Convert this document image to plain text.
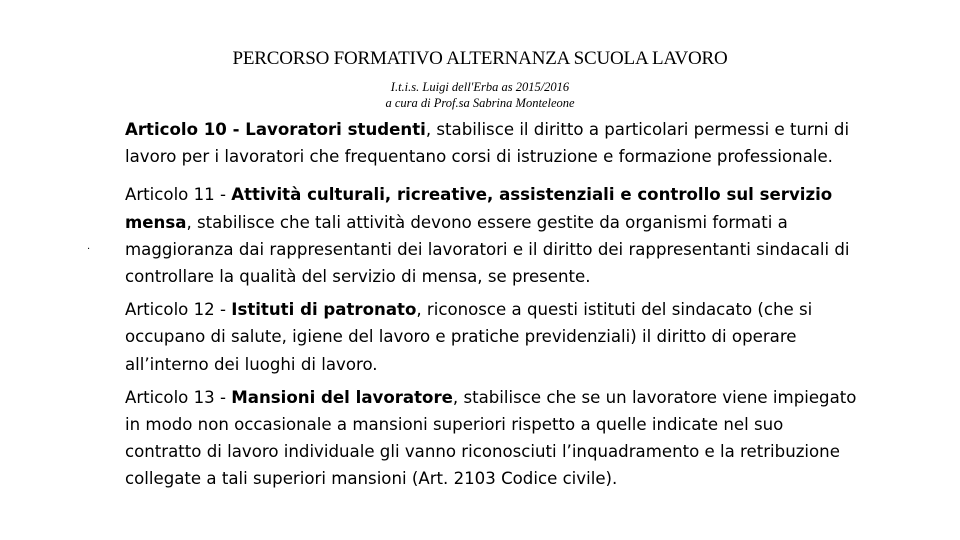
PERCORSO FORMATIVO ALTERNANZA SCUOLA LAVORO
I.t.i.s. Luigi dell'Erba as 2015/2016
a cura di Prof.sa Sabrina Monteleone
·

Articolo 10 - Lavoratori studenti, stabilisce il diritto a particolari permessi e turni di lavoro per i lavoratori che frequentano corsi di istruzione e formazione professionale.

Articolo 11 - Attività culturali, ricreative, assistenziali e controllo sul servizio mensa, stabilisce che tali attività devono essere gestite da organismi formati a maggioranza dai rappresentanti dei lavoratori e il diritto dei rappresentanti sindacali di controllare la qualità del servizio di mensa, se presente.

Articolo 12 - Istituti di patronato, riconosce a questi istituti del sindacato (che si occupano di salute, igiene del lavoro e pratiche previdenziali) il diritto di operare all’interno dei luoghi di lavoro.

Articolo 13 - Mansioni del lavoratore, stabilisce che se un lavoratore viene impiegato in modo non occasionale a mansioni superiori rispetto a quelle indicate nel suo contratto di lavoro individuale gli vanno riconosciuti l’inquadramento e la retribuzione collegate a tali superiori mansioni (Art. 2103 Codice civile).
